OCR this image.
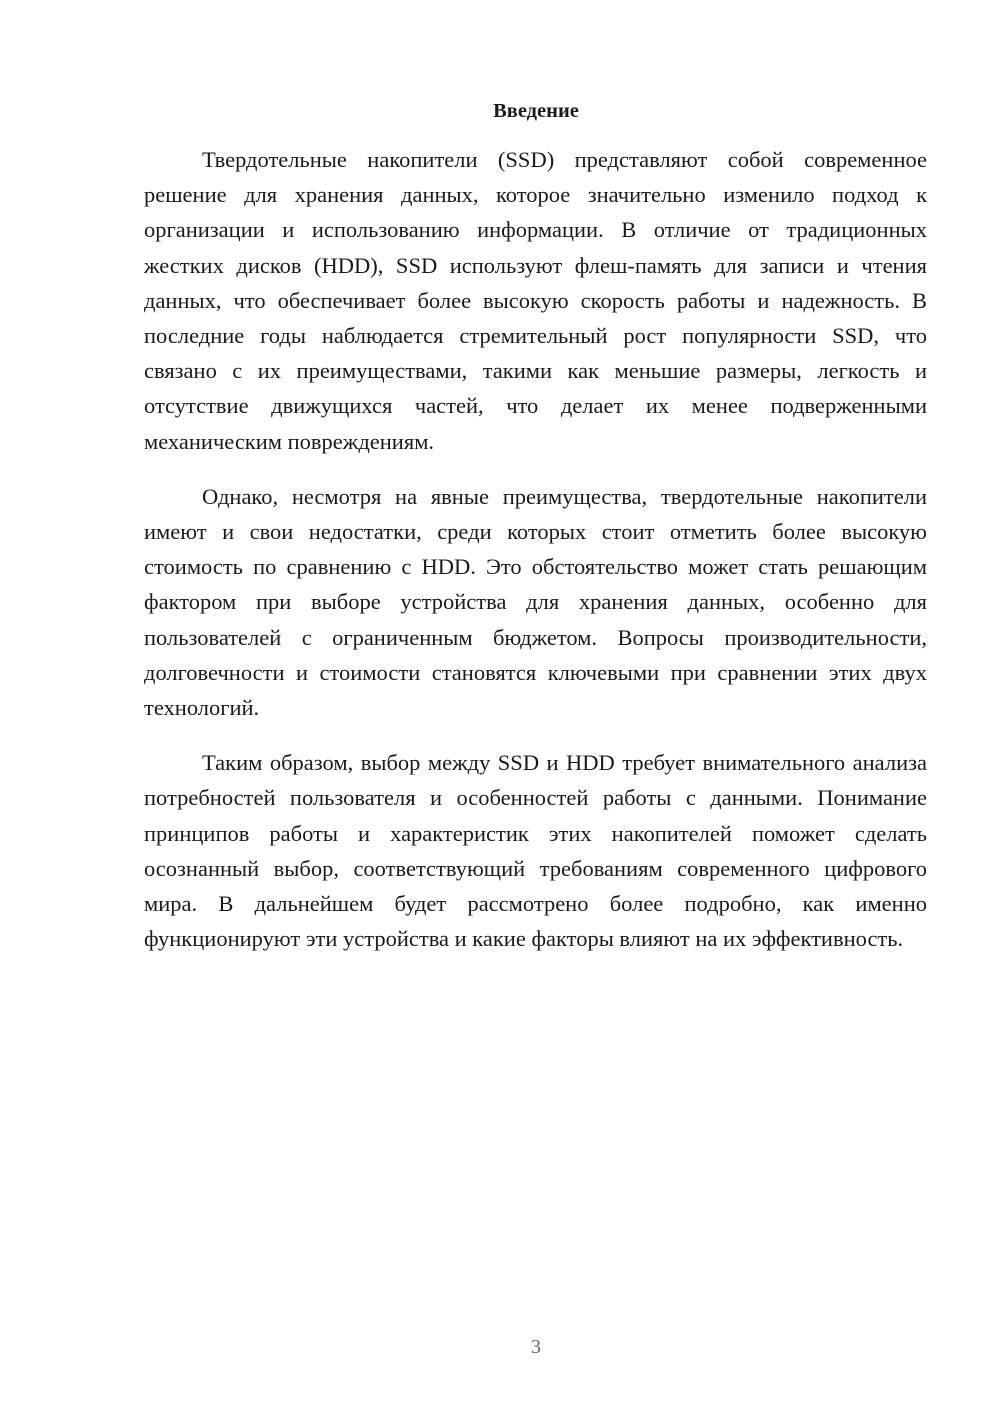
Введение

Твердотельные накопители (SSD) представляют собой современное решение для хранения данных, которое значительно изменило подход к организации и использованию информации. В отличие от традиционных жестких дисков (HDD), SSD используют флеш-память для записи и чтения данных, что обеспечивает более высокую скорость работы и надежность. В последние годы наблюдается стремительный рост популярности SSD, что связано с их преимуществами, такими как меньшие размеры, легкость и отсутствие движущихся частей, что делает их менее подверженными механическим повреждениям.

Однако, несмотря на явные преимущества, твердотельные накопители имеют и свои недостатки, среди которых стоит отметить более высокую стоимость по сравнению с HDD. Это обстоятельство может стать решающим фактором при выборе устройства для хранения данных, особенно для пользователей с ограниченным бюджетом. Вопросы производительности, долговечности и стоимости становятся ключевыми при сравнении этих двух технологий.

Таким образом, выбор между SSD и HDD требует внимательного анализа потребностей пользователя и особенностей работы с данными. Понимание принципов работы и характеристик этих накопителей поможет сделать осознанный выбор, соответствующий требованиям современного цифрового мира. В дальнейшем будет рассмотрено более подробно, как именно функционируют эти устройства и какие факторы влияют на их эффективность.

3
